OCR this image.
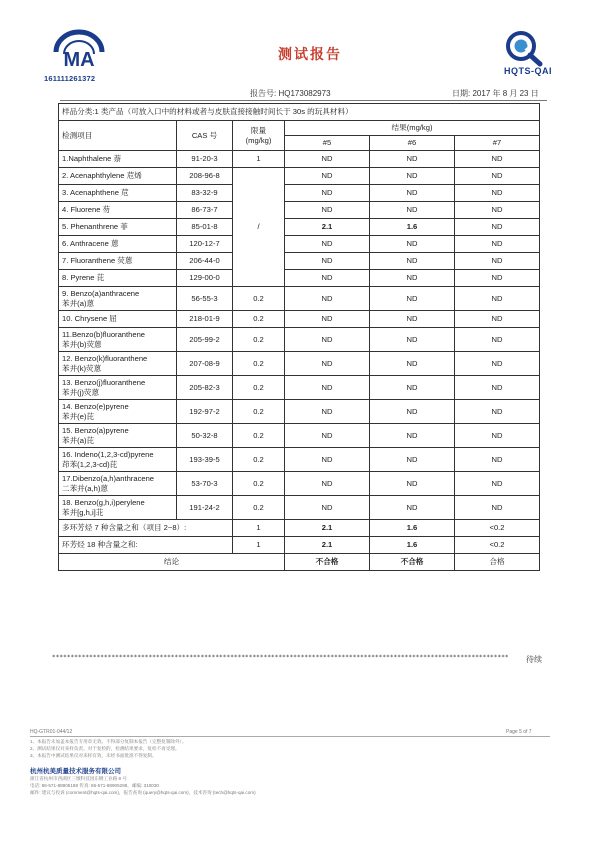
MA
161111261372
测试报告
HQTS-QAI
报告号: HQ173082973	日期: 2017 年 8 月 23 日
样品分类:1 类产品（可放入口中的材料或者与皮肤直接接触时间长于 30s 的玩具材料）					
检测项目	CAS 号	限量
(mg/kg)	结果(mg/kg)		
			#5	#6	#7
1.Naphthalene 萘	91-20-3	1	ND	ND	ND
2. Acenaphthylene 苊烯	208-96-8	/	ND	ND	ND
3. Acenaphthene 苊	83-32-9		ND	ND	ND
4. Fluorene 芴	86-73-7		ND	ND	ND
5. Phenanthrene 菲	85-01-8		2.1	1.6	ND
6. Anthracene 蒽	120-12-7		ND	ND	ND
7. Fluoranthene 荧蒽	206-44-0		ND	ND	ND
8. Pyrene 芘	129-00-0		ND	ND	ND
9. Benzo(a)anthracene
苯并(a)蒽	56-55-3	0.2	ND	ND	ND
10. Chrysene 屈	218-01-9	0.2	ND	ND	ND
11.Benzo(b)fluoranthene
苯并(b)荧蒽	205-99-2	0.2	ND	ND	ND
12. Benzo(k)fluoranthene
苯并(k)荧蒽	207-08-9	0.2	ND	ND	ND
13. Benzo(j)fluoranthene
苯并(j)荧蒽	205-82-3	0.2	ND	ND	ND
14. Benzo(e)pyrene
苯并(e)芘	192-97-2	0.2	ND	ND	ND
15. Benzo(a)pyrene
苯并(a)芘	50-32-8	0.2	ND	ND	ND
16. Indeno(1,2,3-cd)pyrene
茚苯(1,2,3-cd)芘	193-39-5	0.2	ND	ND	ND
17.Dibenzo(a,h)anthracene
二苯并(a,h)蒽	53-70-3	0.2	ND	ND	ND
18. Benzo(g,h,i)perylene
苯并[g,h,i]苝	191-24-2	0.2	ND	ND	ND
多环芳烃 7 种含量之和（项目 2~8）:		1	2.1	1.6	<0.2
环芳烃 18 种含量之和:		1	2.1	1.6	<0.2
结论			不合格	不合格	合格
***************************************************************************************************************************	待续
HQ-GTR01-044/12	Page 5 of 7
1、本报告未加盖本报告专用章无效。不得部分复制本报告（完整复制除外）。
2、测试结果仅对来样负责。对于复检的，检测结果要求，复检不再受理。
3、本报告中测试结果仅对来样有效，未经书面批准不得复制。
杭州杭美质量技术服务有限公司
浙江省杭州市西湖区三墩科技园东侧工业路 8 号
电话: 86-571-88905188 传真: 86-571-88905288，邮编: 310030
邮件: 建议与投诉 (comment@hqts-qai.com)，报告查询 (query@hqts-qai.com)，技术咨询 (tech@hqts-qai.com)
